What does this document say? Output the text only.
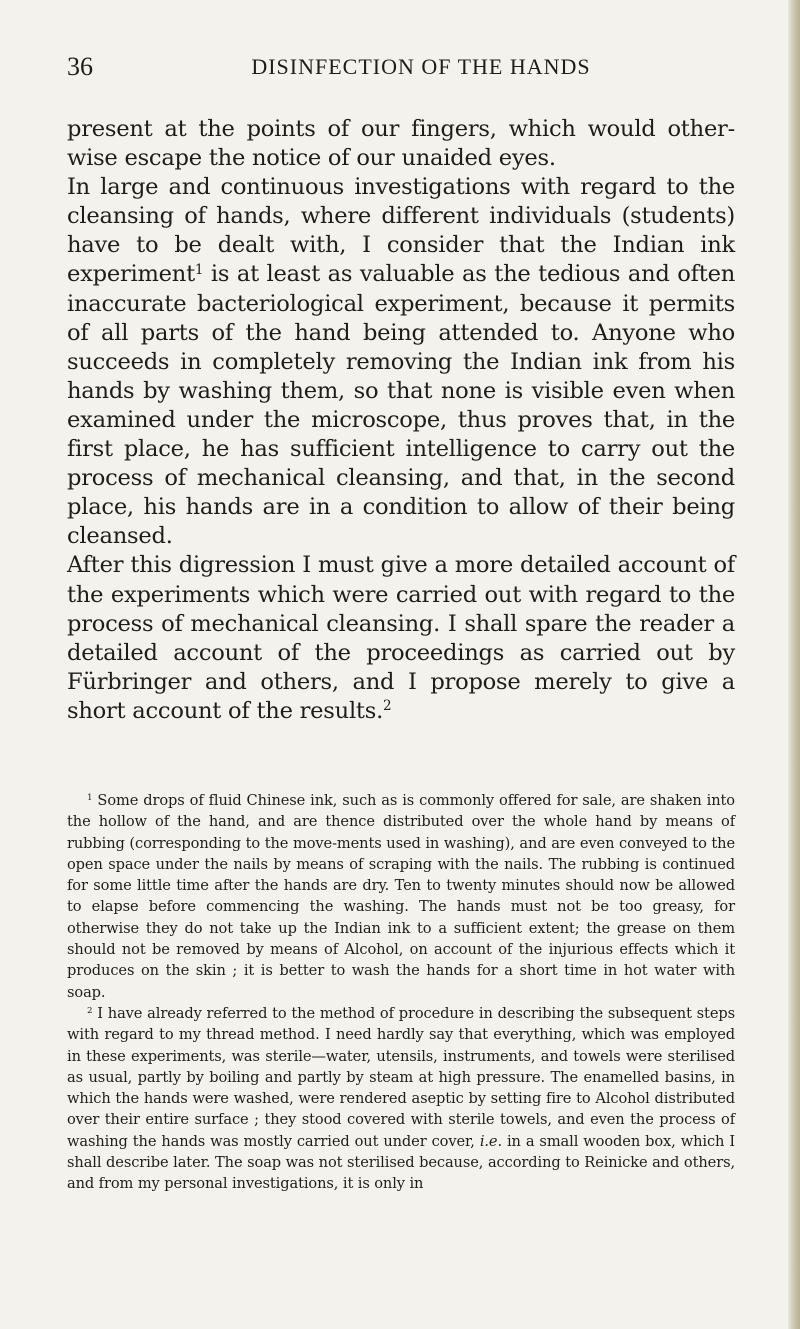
36	DISINFECTION OF THE HANDS

present at the points of our fingers, which would other-wise escape the notice of our unaided eyes.

In large and continuous investigations with regard to the cleansing of hands, where different individuals (students) have to be dealt with, I consider that the Indian ink experiment$^1$ is at least as valuable as the tedious and often inaccurate bacteriological experiment, because it permits of all parts of the hand being attended to. Anyone who succeeds in completely removing the Indian ink from his hands by washing them, so that none is visible even when examined under the microscope, thus proves that, in the first place, he has sufficient intelligence to carry out the process of mechanical cleansing, and that, in the second place, his hands are in a condition to allow of their being cleansed.

After this digression I must give a more detailed account of the experiments which were carried out with regard to the process of mechanical cleansing. I shall spare the reader a detailed account of the proceedings as carried out by Fürbringer and others, and I propose merely to give a short account of the results.$^2$

$^1$ Some drops of fluid Chinese ink, such as is commonly offered for sale, are shaken into the hollow of the hand, and are thence distributed over the whole hand by means of rubbing (corresponding to the move-ments used in washing), and are even conveyed to the open space under the nails by means of scraping with the nails. The rubbing is continued for some little time after the hands are dry. Ten to twenty minutes should now be allowed to elapse before commencing the washing. The hands must not be too greasy, for otherwise they do not take up the Indian ink to a sufficient extent; the grease on them should not be removed by means of Alcohol, on account of the injurious effects which it produces on the skin ; it is better to wash the hands for a short time in hot water with soap.

$^2$ I have already referred to the method of procedure in describing the subsequent steps with regard to my thread method. I need hardly say that everything, which was employed in these experiments, was sterile—water, utensils, instruments, and towels were sterilised as usual, partly by boiling and partly by steam at high pressure. The enamelled basins, in which the hands were washed, were rendered aseptic by setting fire to Alcohol distributed over their entire surface ; they stood covered with sterile towels, and even the process of washing the hands was mostly carried out under cover, i.e. in a small wooden box, which I shall describe later. The soap was not sterilised because, according to Reinicke and others, and from my personal investigations, it is only in
